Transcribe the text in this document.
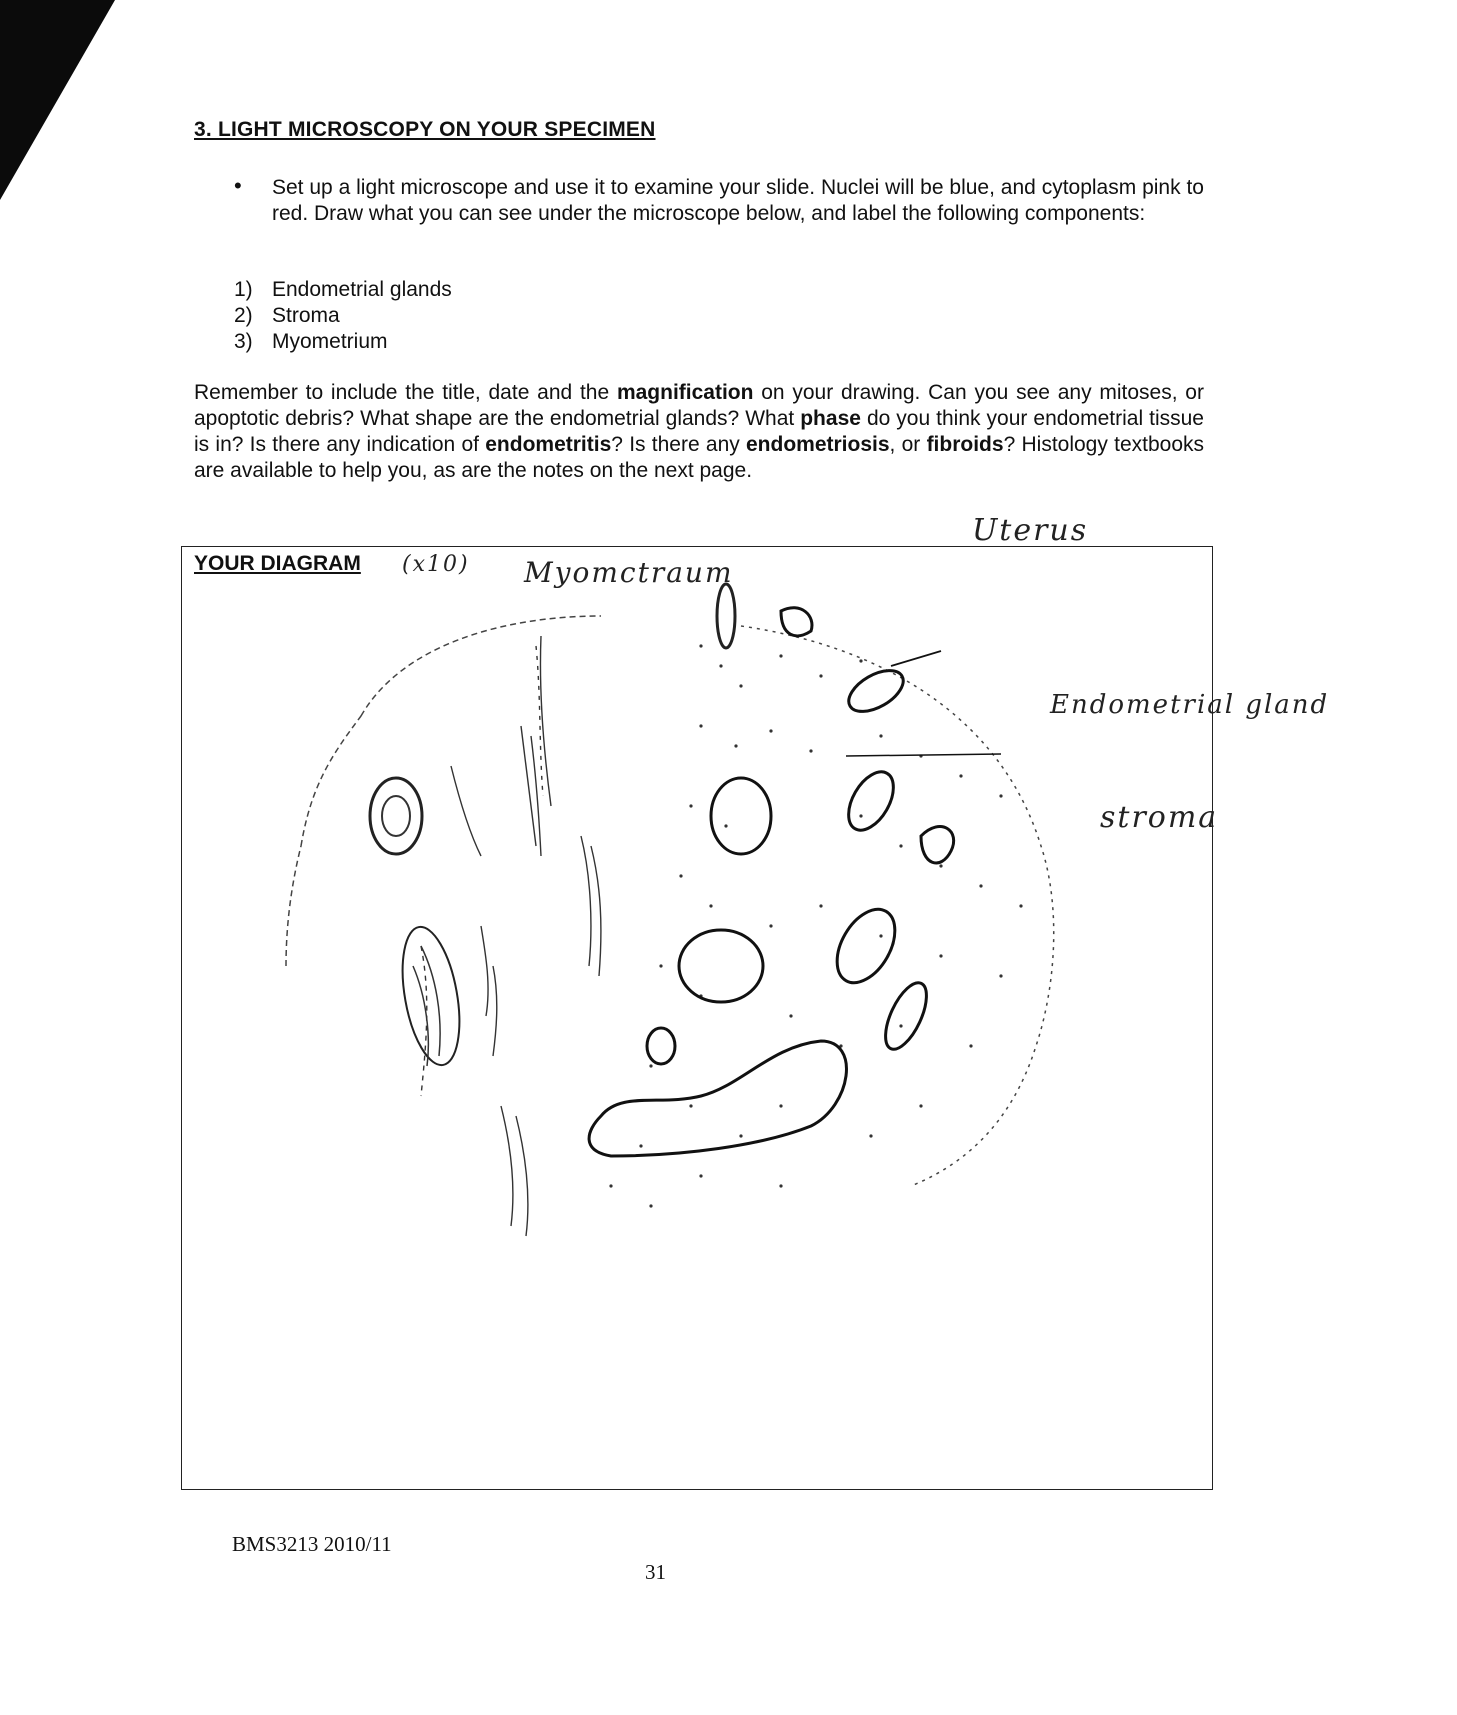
3. LIGHT MICROSCOPY ON YOUR SPECIMEN
• Set up a light microscope and use it to examine your slide. Nuclei will be blue, and cytoplasm pink to red. Draw what you can see under the microscope below, and label the following components:
1) Endometrial glands
2) Stroma
3) Myometrium
Remember to include the title, date and the magnification on your drawing. Can you see any mitoses, or apoptotic debris? What shape are the endometrial glands? What phase do you think your endometrial tissue is in? Is there any indication of endometritis? Is there any endometriosis, or fibroids? Histology textbooks are available to help you, as are the notes on the next page.
Uterus
YOUR DIAGRAM (x10) Myomctraum
Endometrial gland
stroma
BMS3213 2010/11
31
